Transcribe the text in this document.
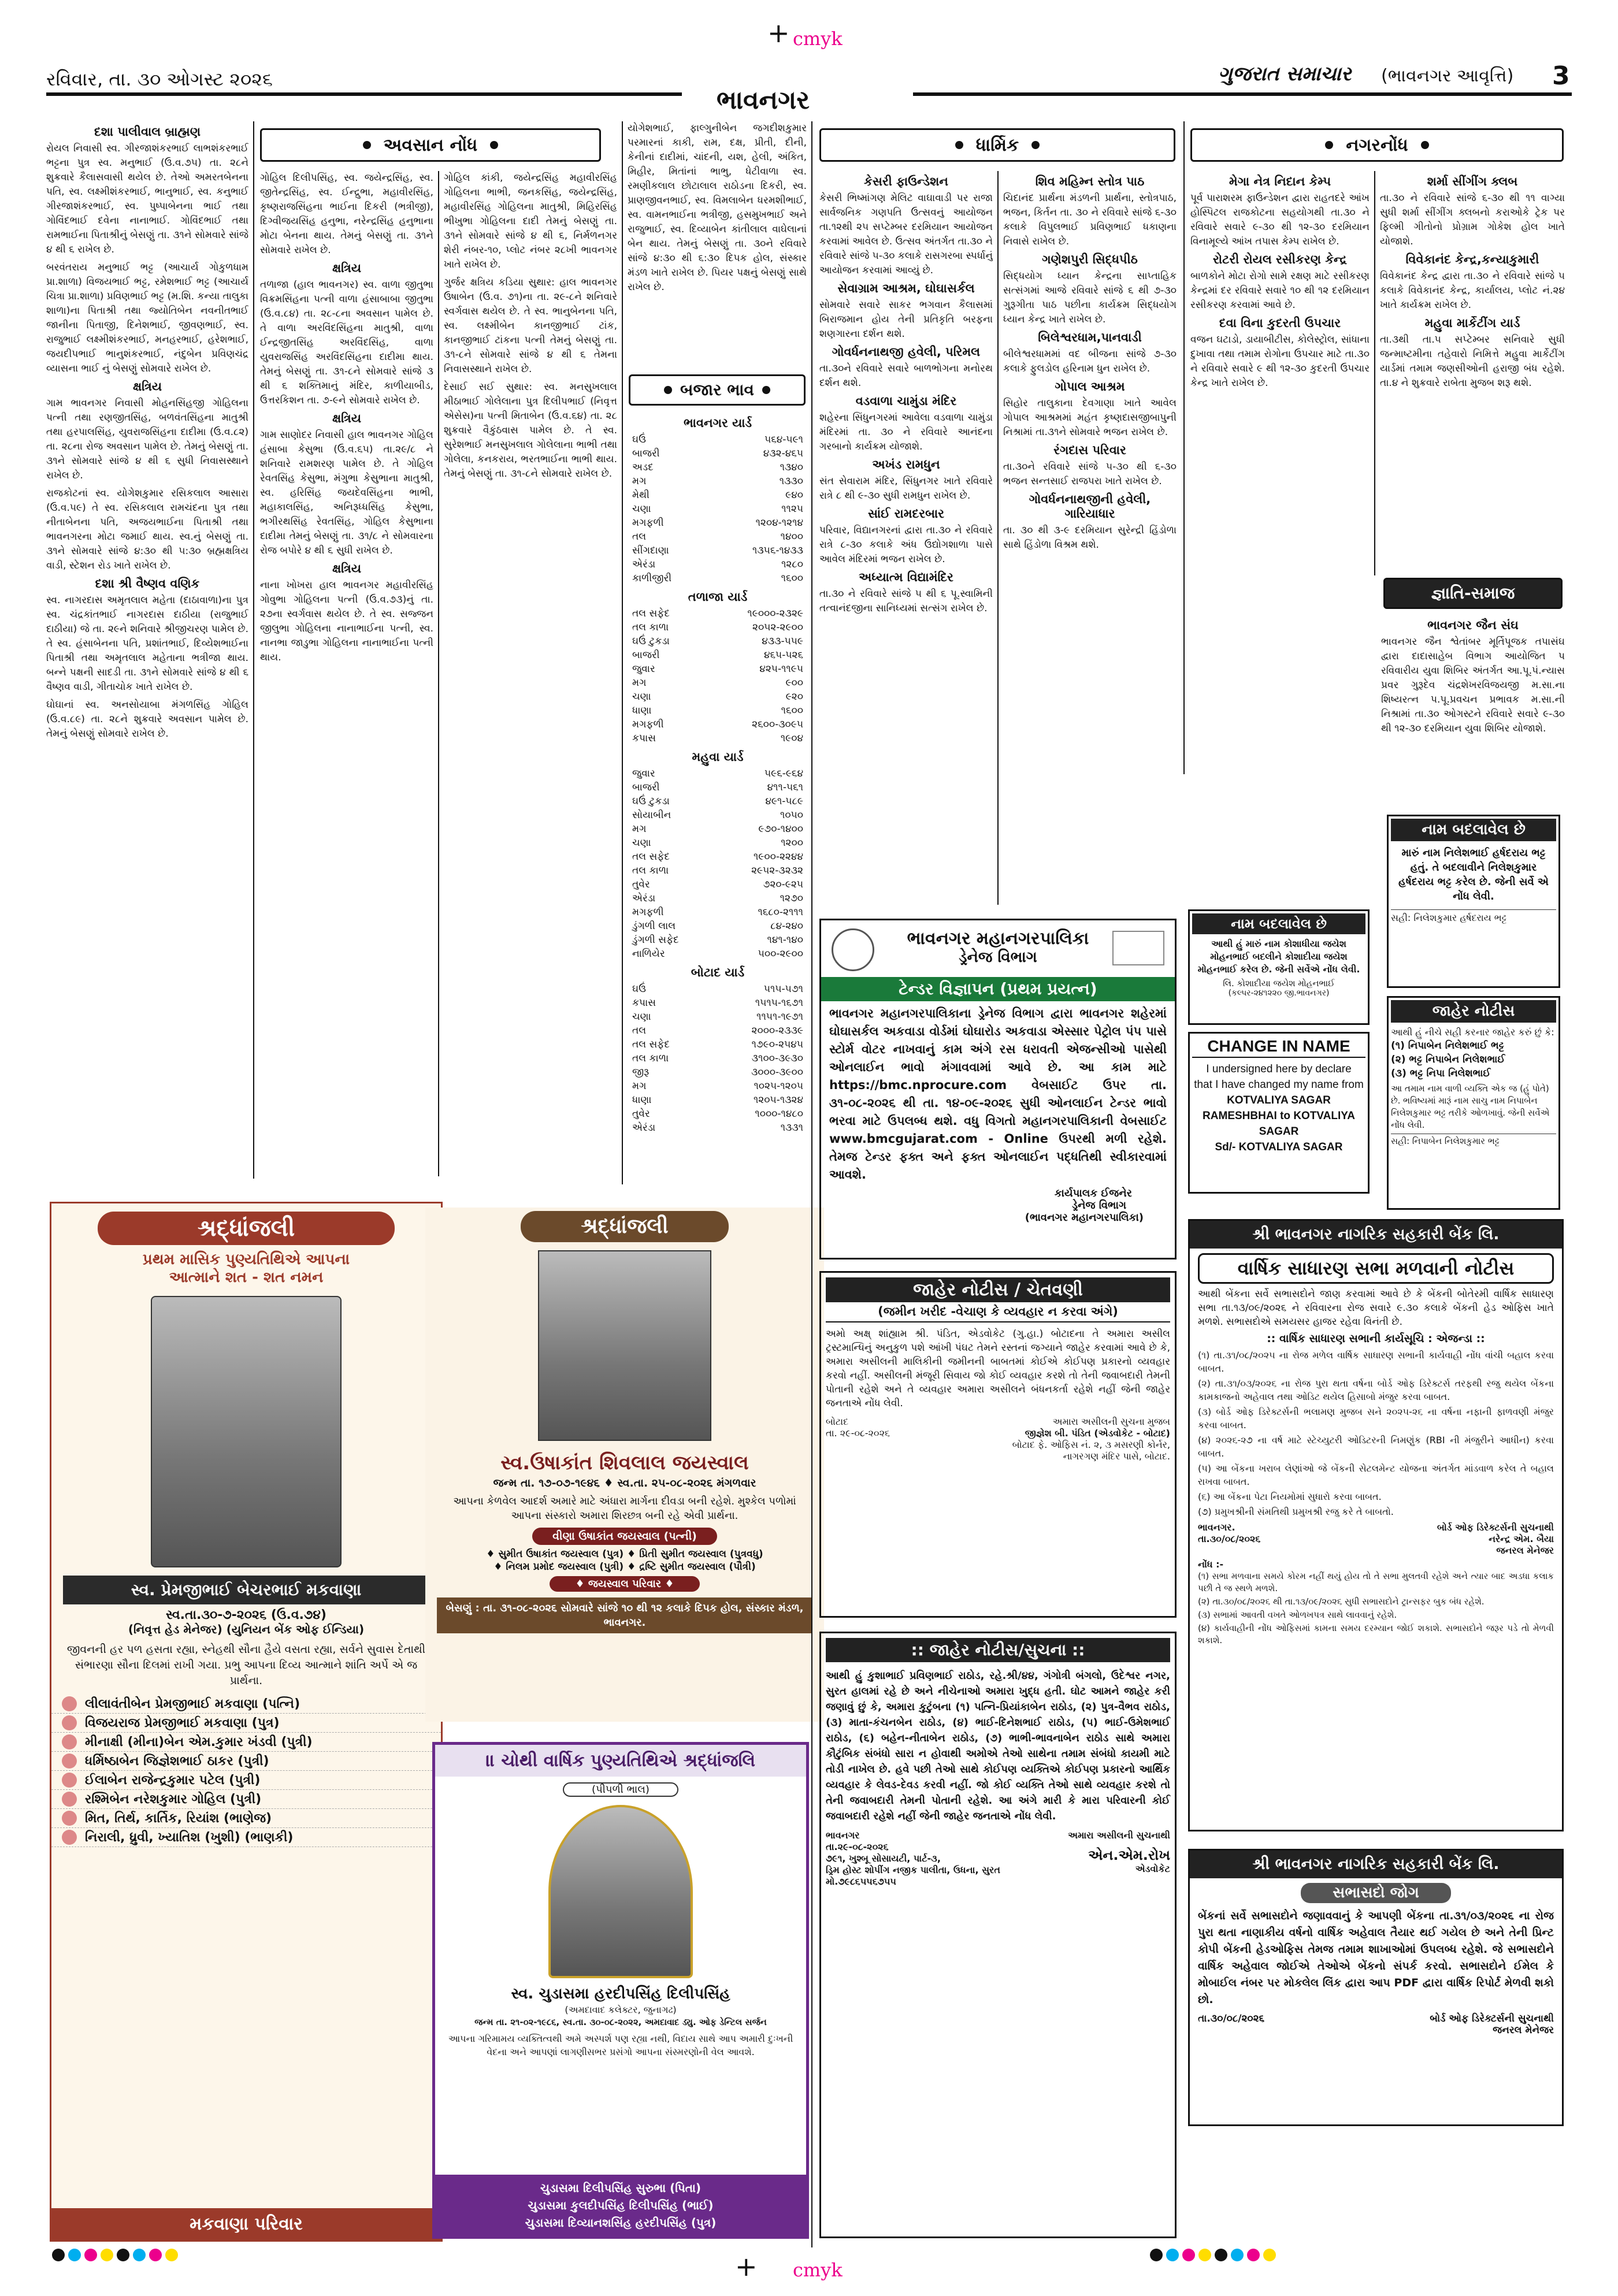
+ cmyk
+ cmyk
રવિવાર, તા. ૩૦ ઓગસ્ટ ૨૦૨૬
ભાવનગર
ગુજરાત સમાચાર (ભાવનગર આવૃત્તિ) 3
દશા પાલીવાલ બ્રાહ્મણ

રોયલ નિવાસી સ્વ. ગીરજાશંકરભાઈ લાભશંકરભાઈ ભટ્ટના પુત્ર સ્વ. મનુભાઈ (ઉ.વ.૭૫) તા. ૨૮ને શુક્રવારે કૈલાસવાસી થયેલ છે. તેઓ અમરતબેનના પતિ, સ્વ. લક્ષ્મીશંકરભાઈ, ભાનુભાઈ, સ્વ. કનુભાઈ ગીરજાશંકરભાઈ, સ્વ. પુષ્પાબેનના ભાઈ તથા ગોવિંદભાઈ દવેના નાનાભાઈ. ગોવિંદભાઈ તથા રામભાઈના પિતાશ્રીનું બેસણું તા. ૩૧ને સોમવારે સાંજે ૪ થી ૬ રાખેલ છે.

બરવંતરાય મનુભાઈ ભટ્ટ (આચાર્ય ગોકુળધામ પ્રા.શાળા) વિજયભાઈ ભટ્ટ, રમેશભાઈ ભટ્ટ (આચાર્ય ચિત્રા પ્રા.શાળા) પ્રવિણભાઈ ભટ્ટ (મ.શિ. કન્યા તાલુકા શાળા)ના પિતાશ્રી તથા જ્યોતિબેન નવનીતભાઈ જાનીના પિતાજી, દિનેશભાઈ, જીવણભાઈ, સ્વ. રાજુભાઈ લક્ષ્મીશંકરભાઈ, મનહરભાઈ, હરેશભાઈ, જયદીપભાઈ ભાનુશંકરભાઈ, નંદુબેન પ્રવિણચંદ્ર વ્યાસના ભાઈ નું બેસણું સોમવારે રાખેલ છે.

ક્ષત્રિય

ગામ ભાવનગર નિવાસી મોહનસિંહજી ગોહિલના પત્ની તથા રણજીતસિંહ, બળવંતસિંહના માતુશ્રી તથા હરપાલસિંહ, યુવરાજસિંહના દાદીમા (ઉ.વ.૮૨) તા. ૨૮ના રોજ અવસાન પામેલ છે. તેમનું બેસણું તા. ૩૧ને સોમવારે સાંજે ૪ થી ૬ સુધી નિવાસસ્થાને રાખેલ છે.

રાજકોટનાં સ્વ. યોગેશકુમાર રસિકલાલ આસારા (ઉ.વ.૫૯) તે સ્વ. રસિકલાલ રામચંદના પુત્ર તથા નીતાબેનના પતિ, અજયભાઈના પિતાશ્રી તથા ભાવનગરના મોટા જમાઈ થાય. સ્વ.નું બેસણું તા. ૩૧ને સોમવારે સાંજે ૪:૩૦ થી ૫:૩૦ બ્રહ્મક્ષત્રિય વાડી, સ્ટેશન રોડ ખાતે રાખેલ છે.

દશા શ્રી વૈષ્ણવ વણિક

સ્વ. નાગરદાસ અમૃતલાલ મહેતા (દાઠાવાળા)ના પુત્ર સ્વ. ચંદ્રકાંતભાઈ નાગરદાસ દાઠીયા (રાજુભાઈ દાઠીયા) જે તા. ૨૯ને શનિવારે શ્રીજીચરણ પામેલ છે. તે સ્વ. હંસાબેનના પતિ, પ્રશાંતભાઈ, દિવ્યેશભાઈના પિતાશ્રી તથા અમૃતલાલ મહેતાના ભત્રીજા થાય. બન્ને પક્ષની સાદડી તા. ૩૧ને સોમવારે સાંજે ૪ થી ૬ વૈષ્ણવ વાડી, ગીતાચોક ખાતે રાખેલ છે.

ઘોઘાનાં સ્વ. અનસોયાબા મંગળસિંહ ગોહિલ (ઉ.વ.૮૯) તા. ૨૮ને શુક્રવારે અવસાન પામેલ છે. તેમનું બેસણું સોમવારે રાખેલ છે.

અવસાન નોંધ

ગોહિલ દિલીપસિંહ, સ્વ. જયેન્દ્રસિંહ, સ્વ. જીતેન્દ્રસિંહ, સ્વ. ઈન્દ્રુભા, મહાવીરસિંહ, કૃષ્ણરાજસિંહના ભાઈના દિકરી (ભત્રીજી), દિગ્વીજયસિંહ હનુભા, નરેન્દ્રસિંહ હનુભાના મોટા બેનના થાય. તેમનું બેસણું તા. ૩૧ને સોમવારે રાખેલ છે.

ક્ષત્રિય

તળાજા (હાલ ભાવનગર) સ્વ. વાળા જીતુભા વિક્રમસિંહના પત્ની વાળા હંસાબાબા જીતુભા (ઉ.વ.૮૪) તા. ૨૮-૮ના અવસાન પામેલ છે. તે વાળા અરવિંદસિંહના માતુશ્રી, વાળા ઈન્દ્રજીતસિંહ અરવિંદસિંહ, વાળા યુવરાજસિંહ અરવિંદસિંહના દાદીમા થાય. તેમનું બેસણું તા. ૩૧-૮ને સોમવારે સાંજે ૩ થી ૬ શક્તિમાનું મંદિર, કાળીયાબીડ, ઉત્તરકિશન તા. ૭-૯ને સોમવારે રાખેલ છે.

ક્ષત્રિય

ગામ સાણોદર નિવાસી હાલ ભાવનગર ગોહિલ હંસાબા કેસુભા (ઉ.વ.૬૫) તા.૨૯/૮ ને શનિવારે રામશરણ પામેલ છે. તે ગોહિલ રેવતસિંહ કેસુભા, મંગુભા કેસુભાના માતુશ્રી, સ્વ. હરિસિંહ જયદેવસિંહના ભાભી, મહાકાલસિંહ, અનિરૂધ્ધસિંહ કેસુભા, ભગીરથસિંહ રેવતસિંહ, ગોહિલ કેસુભાના દાદીમા તેમનું બેસણું તા. ૩૧/૮ ને સોમવારના રોજ બપોરે ૪ થી ૬ સુધી રાખેલ છે.

ક્ષત્રિય

નાના ખોખરા હાલ ભાવનગર મહાવીરસિંહ ગોવુભા ગોહિલના પત્ની (ઉ.વ.૭૩)નું તા. ૨૭ના સ્વર્ગવાસ થયેલ છે. તે સ્વ. સજ્જન જીલુભા ગોહિલના નાનાભાઈના પત્ની, સ્વ. નાનભા જાડુભા ગોહિલના નાનાભાઈના પત્ની થાય.

ગોહિલ કાંકી, જયેન્દ્રસિંહ મહાવીરસિંહ ગોહિલના ભાભી, જનકસિંહ, જયેન્દ્રસિંહ, મહાવીરસિંહ ગોહિલના માતુશ્રી, મિહિરસિંહ ભીખુભા ગોહિલના દાદી તેમનું બેસણું તા. ૩૧ને સોમવારે સાંજે ૪ થી ૬, નિર્મળનગર શેરી નંબર-૧૦, પ્લોટ નંબર ૨૮ખી ભાવનગર ખાતે રાખેલ છે.

ગુર્જર ક્ષત્રિય કડિયા સુથાર: હાલ ભાવનગર ઉષાબેન (ઉ.વ. ૭૧)ના તા. ૨૯-૮ને શનિવારે સ્વર્ગવાસ થયેલ છે. તે સ્વ. ભાનુબેનના પતિ, સ્વ. લક્ષ્મીબેન કાનજીભાઈ ટાંક, કાનજીભાઈ ટાંકના પત્ની તેમનું બેસણું તા. ૩૧-૮ને સોમવારે સાંજે ૪ થી ૬ તેમના નિવાસસ્થાને રાખેલ છે.

દેસાઈ સઈ સુથાર: સ્વ. મનસુખલાલ મીઠાભાઈ ગોલેલાના પુત્ર દિલીપભાઈ (નિવૃત્ત એસેસ)ના પત્ની મિતાબેન (ઉ.વ.૬૪) તા. ૨૮ શુક્રવારે વૈકુંઠવાસ પામેલ છે. તે સ્વ. સુરેશભાઈ મનસુખલાલ ગોલેલાના ભાભી તથા ગોલેલા, કનકરાય, ભરતભાઈના ભાભી થાય. તેમનું બેસણું તા. ૩૧-૮ને સોમવારે રાખેલ છે.

યોગેશભાઈ, ફાલ્ગુનીબેન જગદીશકુમાર પરમારનાં કાકી, રામ, દક્ષ, પ્રીતી, દીની, કેનીનાં દાદીમાં, ચાંદની, યશ, હેલી, અંકિત, મિહીર, મિતાંનાં ભાભુ, ધેટીવાળા સ્વ. રમણીકલાલ છોટાલાલ રાઠોડના દિકરી, સ્વ. પ્રાણજીવનભાઈ, સ્વ. વિમલાબેન ધરમશીભાઈ, સ્વ. વામનભાઈના ભત્રીજી, હસમુખભાઈ અને રાજુભાઈ, સ્વ. દિવ્યાબેન કાંતીલાલ વાઘેલાનાં બેન થાય. તેમનું બેસણું તા. ૩૦ને રવિવારે સાંજે ૪:૩૦ થી ૬:૩૦ દિપક હોલ, સંસ્કાર મંડળ ખાતે રાખેલ છે. પિયર પક્ષનું બેસણું સાથે રાખેલ છે.

બજાર ભાવ
ભાવનગર યાર્ડ
ઘઉં	૫૬૪-૫૯૧
બાજરી	૪૩૨-૪૬૫
અડદ	૧૩૪૦
મગ	૧૩૩૦
મેથી	૯૪૦
ચણા	૧૧૨૫
મગફળી	૧૨૦૪-૧૨૧૪
તલ	૧૪૦૦
સીંગદાણા	૧૩૫૬-૧૪૩૩
એરંડા	૧૨૮૦
કાળીજીરી	૧૬૦૦
તળાજા યાર્ડ
તલ સફેદ	૧૯૦૦૦-૨૩૨૯
તલ કાળા	૨૦૫૨-૨૯૦૦
ઘઉં ટુકડા	૪૩૩-૫૫૯
બાજરી	૪૬૫-૫૨૬
જુવાર	૪૨૫-૧૧૯૫
મગ	૯૦૦
ચણા	૯૨૦
ધાણા	૧૬૦૦
મગફળી	૨૬૦૦-૩૦૯૫
કપાસ	૧૯૦૪
મહુવા યાર્ડ
જુવાર	૫૯૬-૯૬૪
બાજરી	૪૧૧-૫૬૧
ઘઉં ટુકડા	૪૯૧-૫૮૯
સોયાબીન	૧૦૫૦
મગ	૯૭૦-૧૪૦૦
ચણા	૧૨૦૦
તલ સફેદ	૧૯૦૦-૨૨૪૪
તલ કાળા	૨૯૫૨-૩૨૩૨
તુવેર	૭૨૦-૯૨૫
એરંડા	૧૨૭૦
મગફળી	૧૬૮૦-૨૧૧૧
ડુંગળી લાલ	૮૪-૨૪૦
ડુંગળી સફેદ	૧૪૧-૧૪૦
નાળિયેર	૫૦૦-૨૯૦૦
બોટાદ યાર્ડ
ઘઉં	૫૧૫-૫૭૧
કપાસ	૧૫૧૫-૧૬૭૧
ચણા	૧૧૫૧-૧૯૭૧
તલ	૨૦૦૦-૨૩૩૯
તલ સફેદ	૧૭૯૦-૨૫૪૫
તલ કાળા	૩૧૦૦-૩૯૩૦
જીરૂ	૩૦૦૦-૩૯૦૦
મગ	૧૦૨૫-૧૨૦૫
ધાણા	૧૨૦૫-૧૩૨૪
તુવેર	૧૦૦૦-૧૪૮૦
એરંડા	૧૩૩૧
શ્રદ્ધાંજલી
પ્રથમ માસિક પુણ્યતિથિએ આપના
આત્માને શત - શત નમન
સ્વ. પ્રેમજીભાઈ બેચરભાઈ મકવાણા
સ્વ.તા.૩૦-૭-૨૦૨૬ (ઉ.વ.૭૪)
(નિવૃત્ત હેડ મેનેજર) (યુનિયન બેંક ઓફ ઈન્ડિયા)
જીવનની હર પળ હસતા રહ્યા, સ્નેહથી સૌના હૈયે વસતા રહ્યા, સર્વને સુવાસ દેતાથી સંભારણા સૌના દિલમાં રાખી ગયા. પ્રભુ આપના દિવ્ય આત્માને શાંતિ અર્પે એ જ પ્રાર્થના.
લીલાવંતીબેન પ્રેમજીભાઈ મકવાણા (પત્નિ)
વિજયરાજ પ્રેમજીભાઈ મકવાણા (પુત્ર)
મીનાક્ષી (મીના)બેન એમ.કુમાર ખંડવી (પુત્રી)
ધર્મિષ્ઠાબેન જિજ્ઞેશભાઈ ઠાકર (પુત્રી)
ઈલાબેન રાજેન્દ્રકુમાર પટેલ (પુત્રી)
રશ્મિબેન નરેશકુમાર ગોહિલ (પુત્રી)
મિત, તિર્થ, કાર્તિક, રિયાંશ (ભાણેજ)
નિરાલી, ધ્રુવી, ખ્યાતિશ (ખુશી) (ભાણકી)
મકવાણા પરિવાર
શ્રદ્ધાંજલી
સ્વ.ઉષાકાંત શિવલાલ જયસ્વાલ
જન્મ તા. ૧૭-૦૭-૧૯૪૬ ♦ સ્વ.તા. ૨૫-૦૮-૨૦૨૬ મંગળવાર
આપના કેળવેલ આદર્શ અમારે માટે અંધારા માર્ગના દીવડા બની રહેશે. મુશ્કેલ પળોમાં આપના સંસ્કારો અમારા શિરછત્ર બની રહે એવી પ્રાર્થના.
વીણા ઉષાકાંત જયસ્વાલ (પત્ની)
♦ સુમીત ઉષાકાંત જયસ્વાલ (પુત્ર) ♦ પ્રિતી સુમીત જયસ્વાલ (પુત્રવધુ)
♦ નિલમ પ્રમોદ જયસ્વાલ (પુત્રી) ♦ દ્રષ્ટિ સુમીત જયસ્વાલ (પૌત્રી)
♦ જયસ્વાલ પરિવાર ♦
બેસણું : તા. ૩૧-૦૮-૨૦૨૬ સોમવારે સાંજે ૧૦ થી ૧૨ કલાકે દિપક હોલ, સંસ્કાર મંડળ, ભાવનગર.
॥ ચોથી વાર્ષિક પુણ્યતિથિએ શ્રદ્ધાંજલિ
(પીપળી ભાલ)
સ્વ. ચુડાસમા હરદીપસિંહ દિલીપસિંહ
(અમદાવાદ કલેક્ટર, જુનાગઢ)
જન્મ તા. ૨૧-૦૨-૧૯૮૬, સ્વ.તા. ૩૦-૦૮-૨૦૨૨, અમદાવાદ ડ્યુ. ઓફ ડેન્ટિલ સર્જન
આપના ગરિમામય વ્યક્તિત્વથી અમે અસ્પર્શ પણ રહ્યા નથી, વિદાય સાથે આપ અમારી દુઃખની વેદના અને આપણાં લાગણીસભર પ્રસંગો આપના સંસ્મરણોની વેલ આવશે.
ચુડાસમા દિલીપસિંહ સુરુભા (પિતા)
ચુડાસમા કુલદીપસિંહ દિલીપસિંહ (ભાઈ)
ચુડાસમા દિવ્યાનશસિંહ હરદીપસિંહ (પુત્ર)
ધાર્મિક
કેસરી ફાઉન્ડેશન

કેસરી ભિષ્માંગણ મેલિટ વાઘાવાડી પર રાજા સાર્વજનિક ગણપતિ ઉત્સવનું આયોજન તા.૧૨થી ૨૫ સપ્ટેમ્બર દરમિયાન આયોજન કરવામાં આવેલ છે. ઉત્સવ અંતર્ગત તા.૩૦ ને રવિવારે સાંજે ૫-૩૦ કલાકે રાસગરબા સ્પર્ધાનું આયોજન કરવામાં આવ્યું છે.

સેવાગ્રામ આશ્રમ, ઘોઘાસર્કલ

સોમવારે સવારે સાકર ભગવાન કૈલાસમાં બિરાજમાન હોય તેની પ્રતિકૃતિ બરફના શણગારના દર્શન થશે.

ગોવર્ધનનાથજી હવેલી, પરિમલ

તા.૩૦ને રવિવારે સવારે બાળભોગના મનોરથ દર્શન થશે.

વડવાળા ચામુંડા મંદિર

શહેરના સિંધુનગરમાં આવેલા વડવાળા ચામુંડા મંદિરમાં તા. ૩૦ ને રવિવારે આનંદના ગરબાનો કાર્યક્રમ યોજાશે.

અખંડ રામધુન

સંત સેવારામ મંદિર, સિંધુનગર ખાતે રવિવારે રાત્રે ૮ થી ૯-૩૦ સુધી રામધુન રાખેલ છે.

સાંઈ રામદરબાર

પરિવાર, વિદ્યાનગરનાં દ્વારા તા.૩૦ ને રવિવારે રાત્રે ૮-૩૦ કલાકે અંધ ઉદ્યોગશાળા પાસે આવેલ મંદિરમાં ભજન રાખેલ છે.

અધ્યાત્મ વિદ્યામંદિર

તા.૩૦ ને રવિવારે સાંજે ૫ થી ૬ પૂ.સ્વામિની તત્વાનંદજીના સાનિધ્યમાં સત્સંગ રાખેલ છે.

શિવ મહિમ્ન સ્તોત્ર પાઠ

ચિદાનંદ પ્રાર્થના મંડળની પ્રાર્થના, સ્તોત્રપાઠ, ભજન, કિર્તન તા. ૩૦ ને રવિવારે સાંજે ૬-૩૦ કલાકે વિપુલભાઈ પ્રવિણભાઈ ધકાણના નિવાસે રાખેલ છે.

ગણેશપુરી સિદ્ધપીઠ

સિદ્ધયોગ ધ્યાન કેન્દ્રના સાપ્તાહિક સત્સંગમાં આજે રવિવારે સાંજે ૬ થી ૭-૩૦ ગુરૂગીતા પાઠ પછીના કાર્યક્રમ સિદ્ધયોગ ધ્યાન કેન્દ્ર ખાતે રાખેલ છે.

બિલેશ્વરધામ,પાનવાડી

બીલેશ્વરધામમાં વદ બીજના સાંજે ૭-૩૦ કલાકે ફુલડોલ હરિનામ ધુન રાખેલ છે.

ગોપાલ આશ્રમ

સિહોર તાલુકાના દેવગાણા ખાતે આવેલ ગોપાલ આશ્રમમાં મહંત કૃષ્ણદાસજીબાપુની નિશ્રામાં તા.૩૧ને સોમવારે ભજન રાખેલ છે.

રંગદાસ પરિવાર

તા.૩૦ને રવિવારે સાંજે ૫-૩૦ થી ૬-૩૦ ભજન સન્તસાઈ રાજપરા ખાતે રાખેલ છે.

ગોવર્ધનનાથજીની હવેલી, ગારિયાધાર

તા. ૩૦ થી ૩-૯ દરમિયાન સુરેન્દ્રી હિંડોળા સાથે હિંડોળા વિશ્રમ થશે.

નગરનોંધ
મેગા નેત્ર નિદાન કેમ્પ

પૂર્વ પારાશરમ ફાઉન્ડેશન દ્વારા રાહતદરે આંખ હોસ્પિટલ રાજકોટના સહયોગથી તા.૩૦ ને રવિવારે સવારે ૯-૩૦ થી ૧૨-૩૦ દરમિયાન વિનામૂલ્યે આંખ તપાસ કેમ્પ રાખેલ છે.

રોટરી રોયલ રસીકરણ કેન્દ્ર

બાળકોને મોટા રોગો સામે રક્ષણ માટે રસીકરણ કેન્દ્રમાં દર રવિવારે સવારે ૧૦ થી ૧૨ દરમિયાન રસીકરણ કરવામાં આવે છે.

દવા વિના કુદરતી ઉપચાર

વજન ઘટાડો, ડાયાબીટીસ, કોલેસ્ટ્રોલ, સાંધાના દુખાવા તથા તમામ રોગોના ઉપચાર માટે તા.૩૦ ને રવિવારે સવારે ૯ થી ૧૨-૩૦ કુદરતી ઉપચાર કેન્દ્ર ખાતે રાખેલ છે.

શર્મા સીંગીંગ ક્લબ

તા.૩૦ ને રવિવારે સાંજે ૬-૩૦ થી ૧૧ વાગ્યા સુધી શર્મા સીંગીંગ ક્લબનો કરાઓકે ટ્રેક પર ફિલ્મી ગીતોનો પ્રોગ્રામ ગોકેશ હોલ ખાતે યોજાશે.

વિવેકાનંદ કેન્દ્ર,કન્યાકુમારી

વિવેકાનંદ કેન્દ્ર દ્વારા તા.૩૦ ને રવિવારે સાંજે ૫ કલાકે વિવેકાનંદ કેન્દ્ર, કાર્યાલય, પ્લોટ નં.૨૪ ખાતે કાર્યક્રમ રાખેલ છે.

મહુવા માર્કેટીંગ યાર્ડ

તા.૩થી તા.૫ સપ્ટેમ્બર સનિવારે સુધી જન્માષ્ટમીના તહેવારો નિમિત્તે મહુવા માર્કેટીંગ યાર્ડમાં તમામ જણસીઓની હરાજી બંધ રહેશે. તા.૪ ને શુક્રવારે રાબેતા મુજબ શરૂ થશે.

જ્ઞાતિ-સમાજ
ભાવનગર જૈન સંઘ

ભાવનગર જૈન શ્વેતાંબર મૂર્તિપૂજક તપાસંઘ દ્વારા દાદાસાહેબ વિભાગ આયોજિત પ રવિવારીય યુવા શિબિર અંતર્ગત આ.પૂ.પં.ન્યાસ પ્રવર ગુરૂદેવ ચંદ્રશેખરવિજયજી મ.સા.ના શિષ્યરત્ન પ.પૂ.પ્રવચન પ્રભાવક મ.સા.ની નિશ્રામાં તા.૩૦ ઓગસ્ટને રવિવારે સવારે ૯-૩૦ થી ૧૨-૩૦ દરમિયાન યુવા શિબિર યોજાશે.

નામ બદલાવેલ છે
મારું નામ નિલેશભાઈ હર્ષદરાય ભટ્ટ હતું. તે બદલાવીને નિલેશકુમાર હર્ષદરાય ભટ્ટ કરેલ છે. જેની સર્વે એ નોંધ લેવી.
સહી: નિલેશકુમાર હર્ષદરાય ભટ્ટ
નામ બદલાવેલ છે
આથી હું મારું નામ કોશાધીયા જયેશ મોહનભાઈ બદલીને કોશાદીયા જયેશ મોહનભાઈ કરેલ છે. જેની સર્વેએ નોંધ લેવી.
લિ. કોશાદીયા જયેશ મોહનભાઈ
(કલ્પર-૨૪૧૨૨૦ જી.ભાવનગર)
CHANGE IN NAME
I undersigned here by declare
that I have changed my name from
KOTVALIYA SAGAR
RAMESHBHAI to KOTVALIYA
SAGAR
Sd/- KOTVALIYA SAGAR
જાહેર નોટીસ
આથી હું નીચે સહી કરનાર જાહેર કરું છું કે:
(૧) નિપાબેન નિલેશભાઈ ભટ્ટ
(૨) ભટ્ટ નિપાબેન નિલેશભાઈ
(૩) ભટ્ટ નિપા નિલેશભાઈ
આ તમામ નામ વાળી વ્યક્તિ એક જ (હું પોતે) છે. ભવિષ્યમાં મારૂં નામ સાચુ નામ નિપાબેન નિલેશકુમાર ભટ્ટ તરીકે ઓળખાવું. જેની સર્વેએ નોંધ લેવી.
સહી: નિપાબેન નિલેશકુમાર ભટ્ટ
ભાવનગર મહાનગરપાલિકા
ડ્રેનેજ વિભાગ
ટેન્ડર વિજ્ઞાપન (પ્રથમ પ્રયત્ન)
ભાવનગર મહાનગરપાલિકાના ડ્રેનેજ વિભાગ દ્વારા ભાવનગર શહેરમાં ઘોઘાસર્કલ અકવાડા વોર્ડમાં ઘોઘારોડ અકવાડા એસ્સાર પેટ્રોલ પંપ પાસે સ્ટોર્મ વોટર નાખવાનું કામ અંગે રસ ધરાવતી એજન્સીઓ પાસેથી ઓનલાઈન ભાવો મંગાવવામાં આવે છે. આ કામ માટે https://bmc.nprocure.com વેબસાઈટ ઉપર તા. ૩૧-૦૮-૨૦૨૬ થી તા. ૧૪-૦૯-૨૦૨૬ સુધી ઓનલાઈન ટેન્ડર ભાવો ભરવા માટે ઉપલબ્ધ થશે. વધુ વિગતો મહાનગરપાલિકાની વેબસાઈટ www.bmcgujarat.com - Online ઉપરથી મળી રહેશે. તેમજ ટેન્ડર ફક્ત અને ફક્ત ઓનલાઈન પદ્ધતિથી સ્વીકારવામાં આવશે.
કાર્યપાલક ઈજનેર
ડ્રેનેજ વિભાગ
(ભાવનગર મહાનગરપાલિકા)
જાહેર નોટીસ / ચેતવણી
(જમીન ખરીદ -વેચાણ કે વ્યવહાર ન કરવા અંગે)
અમો અક્ષ્ શાંહ્યામ શ્રી. પંડિત, એડવોકેટ (ગુ.હા.) બોટાદના તે અમારા અસીલ ટ્રસ્ટમાન્ધિનું અનુકુળ પશે આંખી પંઘટ તેમને રસ્તનાં જગ્યાને જાહેર કરવામાં આવે છે કે, અમારા અસીલની માલિકીની જમીનની બાબતમાં કોઈએ કોઈપણ પ્રકારનો વ્યવહાર કરવો નહીં. અસીલની મંજૂરી સિવાય જો કોઈ વ્યવહાર કરશે તો તેની જવાબદારી તેમની પોતાની રહેશે અને તે વ્યવહાર અમારા અસીલને બંધનકર્તા રહેશે નહીં જેની જાહેર જનતાએ નોંધ લેવી.
બોટાદ
તા. ૨૯-૦૮-૨૦૨૬
અમારા અસીલની સુચના મુજબ
જીજ્ઞેશ બી. પંડિત (એડવોકેટ - બોટાદ)
બોટાદ ફે. ઓફિસ નં. ૨, ૩ મસરણી કોર્નર,
નાગરગણ મંદિર પાસે, બોટાદ.
:: જાહેર નોટીસ/સુચના ::
આથી હું કુશાભાઈ પ્રવિણભાઈ રાઠોડ, રહે.શ્રી/૪૪, ગંગોત્રી બંગલો, ઉદેશ્વર નગર, સુરત હાલમાં રહે છે અને નીચેનાઓ અમારા ખુદ્ધ હતી. ઘોટ આમને જાહેર કરી જણાવું છું કે, અમારા કુટુંબના (૧) પત્નિ-પ્રિયાંકાબેન રાઠોડ, (૨) પુત્ર-વૈભવ રાઠોડ, (૩) માતા-કંચનબેન રાઠોડ, (૪) ભાઈ-દિનેશભાઈ રાઠોડ, (૫) ભાઈ-ઉમેશભાઈ રાઠોડ, (૬) બહેન-નીતાબેન રાઠોડ, (૭) ભાભી-ભાવનાબેન રાઠોડ સાથે અમારા કૌટુંબિક સંબંધો સારા ન હોવાથી અમોએ તેઓ સાથેના તમામ સંબંધો કાયમી માટે તોડી નાખેલ છે. હવે પછી તેઓ સાથે કોઈપણ વ્યક્તિએ કોઈપણ પ્રકારનો આર્થિક વ્યવહાર કે લેવડ-દેવડ કરવી નહીં. જો કોઈ વ્યક્તિ તેઓ સાથે વ્યવહાર કરશે તો તેની જવાબદારી તેમની પોતાની રહેશે. આ અંગે મારી કે મારા પરિવારની કોઈ જવાબદારી રહેશે નહીં જેની જાહેર જનતાએ નોંધ લેવી.
ભાવનગર
તા.૨૯-૦૮-૨૦૨૬
૭૯૧, ખુશ્બૂ સોસાયટી, પાર્ટ-૩,
ડ્રિમ હોસ્ટ શોપીંગ નજીક પાલીતા, ઉધના, સુરત
મો.૭૯૮૬૫૫૬૭૫૫
અમારા અસીલની સુચનાથી
એન.એમ.રોખ
એડવોકેટ
શ્રી ભાવનગર નાગરિક સહકારી બેંક લિ.
વાર્ષિક સાધારણ સભા મળવાની નોટીસ
આથી બેંકના સર્વે સભાસદોને જાણ કરવામાં આવે છે કે બેંકની બોતેરમી વાર્ષિક સાધારણ સભા તા.૧૩/૦૯/૨૦૨૬ ને રવિવારના રોજ સવારે ૯.૩૦ કલાકે બેંકની હેડ ઓફિસ ખાતે મળશે. સભાસદોએ સમયસર હાજર રહેવા વિનંતી છે.
:: વાર્ષિક સાધારણ સભાની કાર્યસૂચિ : એજન્ડા ::
(૧) તા.૩૧/૦૮/૨૦૨૫ ના રોજ મળેલ વાર્ષિક સાધારણ સભાની કાર્યવાહી નોંધ વાંચી બહાલ કરવા બાબત.
(૨) તા.૩૧/૦૩/૨૦૨૬ ના રોજ પુરા થતા વર્ષના બોર્ડ ઓફ ડિરેક્ટર્સ તરફથી રજુ થયેલ બેંકના કામકાજનો અહેવાલ તથા ઓડિટ થયેલ હિસાબો મંજુર કરવા બાબત.
(૩) બોર્ડ ઓફ ડિરેક્ટર્સની ભલામણ મુજબ સને ૨૦૨૫-૨૬ ના વર્ષના નફાની ફાળવણી મંજુર કરવા બાબત.
(૪) ૨૦૨૬-૨૭ ના વર્ષ માટે સ્ટેચ્યુટરી ઓડિટરની નિમણુંક (RBI ની મંજુરીને આધીન) કરવા બાબત.
(૫) આ બેંકના ખરાબ લેણાંઓ જે બેંકની સેટલમેન્ટ યોજના અંતર્ગત માંડવાળ કરેલ તે બહાલ રાખવા બાબત.
(૬) આ બેંકના પેટા નિયમોમાં સુધારો કરવા બાબત.
(૭) પ્રમુખશ્રીની સંમતિથી પ્રમુખશ્રી રજુ કરે તે બાબતો.
ભાવનગર.
તા.૩૦/૦૮/૨૦૨૬
બોર્ડ ઓફ ડિરેક્ટર્સની સુચનાથી
નરેન્દ્ર એમ. બૈયા
જનરલ મેનેજર
નોંધ :-
(૧) સભા મળવાના સમયે કોરમ નહીં થયું હોય તો તે સભા મુલતવી રહેશે અને ત્યાર બાદ અડધા કલાક પછી તે જ સ્થળે મળશે.
(૨) તા.૩૦/૦૮/૨૦૨૬ થી તા.૧૩/૦૯/૨૦૨૬ સુધી સભાસદોને ટ્રાન્સફર બુક બંધ રહેશે.
(૩) સભામાં આવતી વખતે ઓળખપત્ર સાથે લાવવાનું રહેશે.
(૪) કાર્યવાહીની નોંધ ઓફિસમાં કામના સમય દરમ્યાન જોઈ શકાશે. સભાસદોને જરૂર પડે તો મેળવી શકાશે.
શ્રી ભાવનગર નાગરિક સહકારી બેંક લિ.
સભાસદો જોગ
બેંકનાં સર્વે સભાસદોને જણાવવાનું કે આપણી બેંકના તા.૩૧/૦૩/૨૦૨૬ ના રોજ પુરા થતા નાણાકીય વર્ષનો વાર્ષિક અહેવાલ તૈયાર થઈ ગયેલ છે અને તેની પ્રિન્ટ કોપી બેંકની હેડઓફિસ તેમજ તમામ શાખાઓમાં ઉપલબ્ધ રહેશે. જે સભાસદોને વાર્ષિક અહેવાલ જોઈએ તેઓએ બેંકનો સંપર્ક કરવો. સભાસદોને ઈમેલ કે મોબાઈલ નંબર પર મોકલેલ લિંક દ્વારા આપ PDF દ્વારા વાર્ષિક રિપોર્ટ મેળવી શકો છો.
તા.૩૦/૦૮/૨૦૨૬	બોર્ડ ઓફ ડિરેક્ટર્સની સુચનાથી
જનરલ મેનેજર
